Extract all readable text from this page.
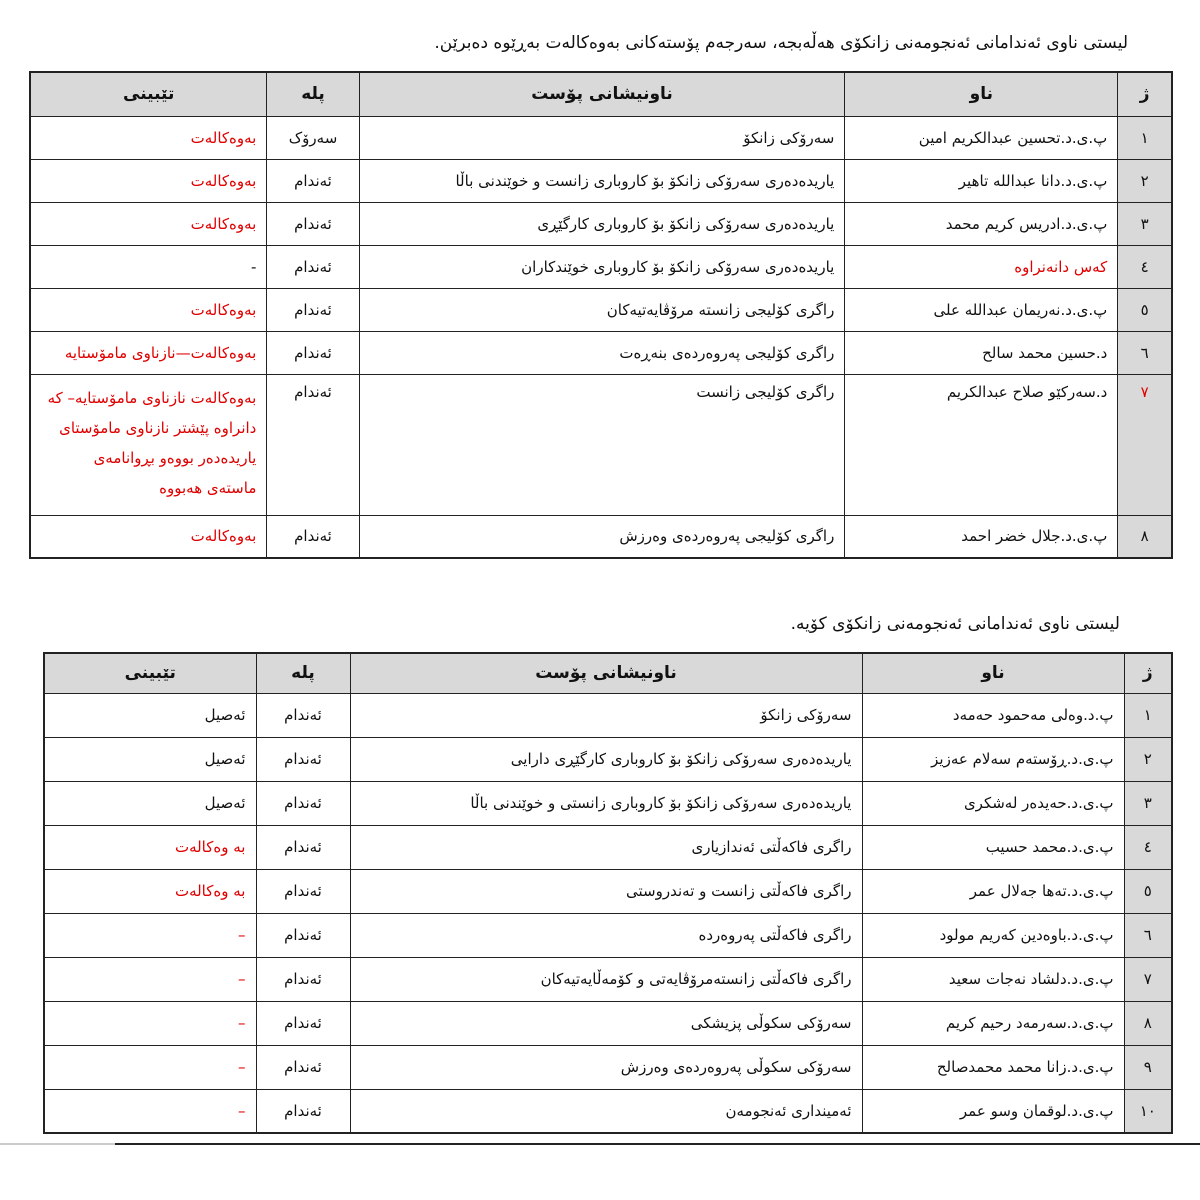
لیستی ناوی ئەندامانی ئەنجومەنی زانکۆی هەڵەبجە، سەرجەم پۆستەکانی بەوەکالەت بەڕێوە دەبرێن.
ژ	ناو	ناونیشانی پۆست	پلە	تێبینی
١	پ.ی.د.تحسین عبدالکریم امین	سەرۆکی زانکۆ	سەرۆک	بەوەکالەت
٢	پ.ی.د.دانا عبدالله تاهیر	یاریدەدەری سەرۆکی زانکۆ بۆ کاروباری زانست و خوێندنی باڵا	ئەندام	بەوەکالەت
٣	پ.ی.د.ادریس کریم محمد	یاریدەدەری سەرۆکی زانکۆ بۆ کاروباری کارگێڕی	ئەندام	بەوەکالەت
٤	کەس دانەنراوە	یاریدەدەری سەرۆکی زانکۆ بۆ کاروباری خوێندکاران	ئەندام	-
٥	پ.ی.د.نەریمان عبدالله علی	راگری کۆلیجی زانستە مرۆڤایەتیەکان	ئەندام	بەوەکالەت
٦	د.حسین محمد سالح	راگری کۆلیجی پەروەردەی بنەڕەت	ئەندام	بەوەکالەت—نازناوی مامۆستایە
٧	د.سەرکێو صلاح عبدالکریم	راگری کۆلیجی زانست	ئەندام	بەوەکالەت نازناوی مامۆستایە– کە دانراوە پێشتر نازناوی مامۆستای یاریدەدەر بووەو بڕوانامەی ماستەی هەبووە
٨	پ.ی.د.جلال خضر احمد	راگری کۆلیجی پەروەردەی وەرزش	ئەندام	بەوەکالەت
لیستی ناوی ئەندامانی ئەنجومەنی زانکۆی کۆیە.
ژ	ناو	ناونیشانی پۆست	پلە	تێبینی
١	پ.د.وەلی مەحمود حەمەد	سەرۆکی زانکۆ	ئەندام	ئەصیل
٢	پ.ی.د.ڕۆستەم سەلام عەزیز	یاریدەدەری سەرۆکی زانکۆ بۆ کاروباری کارگێڕی دارایی	ئەندام	ئەصیل
٣	پ.ی.د.حەیدەر لەشکری	یاریدەدەری سەرۆکی زانکۆ بۆ کاروباری زانستی و خوێندنی باڵا	ئەندام	ئەصیل
٤	پ.ی.د.محمد حسیب	راگری فاکەڵتی ئەندازیاری	ئەندام	بە وەکالەت
٥	پ.ی.د.تەها جەلال عمر	راگری فاکەڵتی زانست و تەندروستی	ئەندام	بە وەکالەت
٦	پ.ی.د.باوەدین کەریم مولود	راگری فاکەڵتی پەروەردە	ئەندام	–
٧	پ.ی.د.دلشاد نەجات سعید	راگری فاکەڵتی زانستەمرۆڤایەتی و کۆمەڵایەتیەکان	ئەندام	–
٨	پ.ی.د.سەرمەد رحیم کریم	سەرۆکی سکوڵی پزیشکی	ئەندام	–
٩	پ.ی.د.زانا محمد محمدصالح	سەرۆکی سکوڵی پەروەردەی وەرزش	ئەندام	–
١٠	پ.ی.د.لوقمان وسو عمر	ئەمینداری ئەنجومەن	ئەندام	–
